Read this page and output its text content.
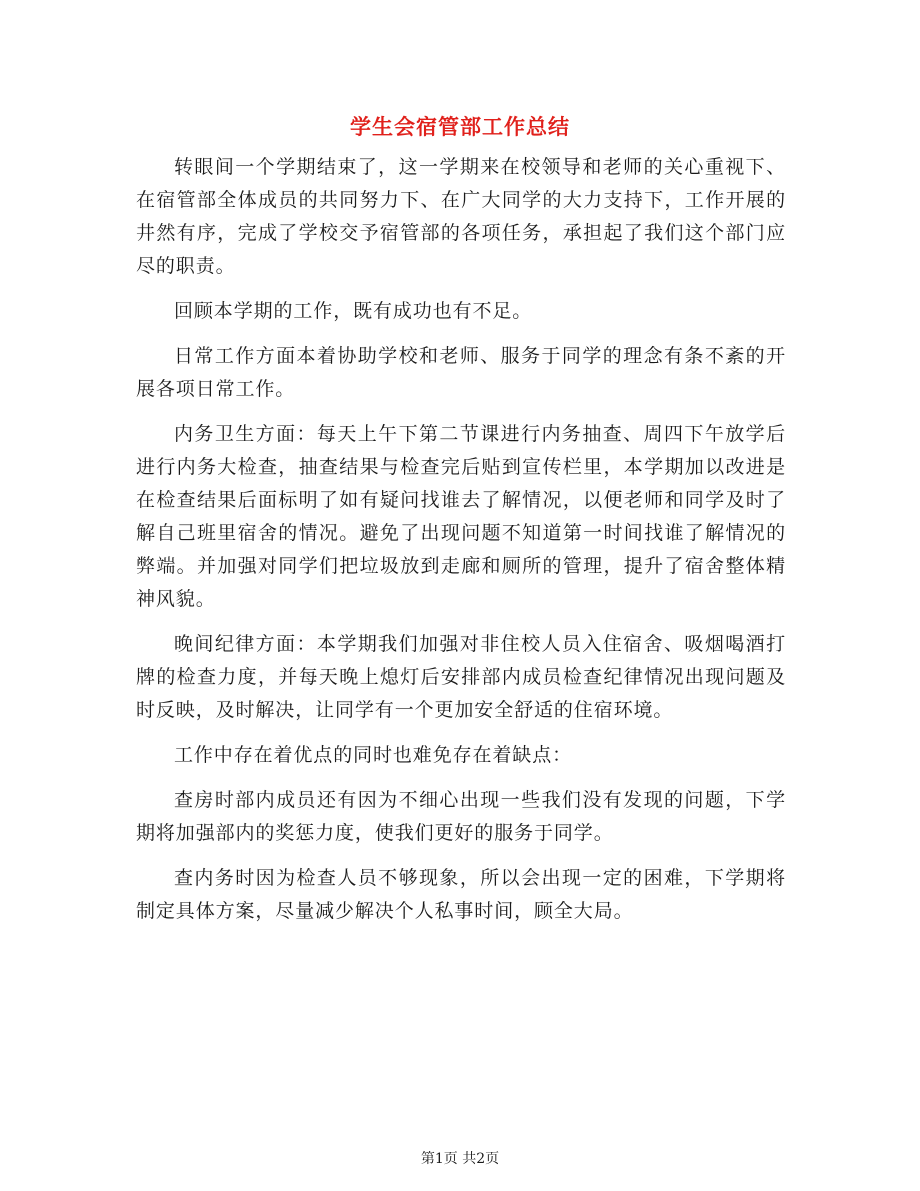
学生会宿管部工作总结

转眼间一个学期结束了，这一学期来在校领导和老师的关心重视下、在宿管部全体成员的共同努力下、在广大同学的大力支持下，工作开展的井然有序，完成了学校交予宿管部的各项任务，承担起了我们这个部门应尽的职责。

回顾本学期的工作，既有成功也有不足。

日常工作方面本着协助学校和老师、服务于同学的理念有条不紊的开展各项日常工作。

内务卫生方面：每天上午下第二节课进行内务抽查、周四下午放学后进行内务大检查，抽查结果与检查完后贴到宣传栏里，本学期加以改进是在检查结果后面标明了如有疑问找谁去了解情况，以便老师和同学及时了解自己班里宿舍的情况。避免了出现问题不知道第一时间找谁了解情况的弊端。并加强对同学们把垃圾放到走廊和厕所的管理，提升了宿舍整体精神风貌。

晚间纪律方面：本学期我们加强对非住校人员入住宿舍、吸烟喝酒打牌的检查力度，并每天晚上熄灯后安排部内成员检查纪律情况出现问题及时反映，及时解决，让同学有一个更加安全舒适的住宿环境。

工作中存在着优点的同时也难免存在着缺点：

查房时部内成员还有因为不细心出现一些我们没有发现的问题，下学期将加强部内的奖惩力度，使我们更好的服务于同学。

查内务时因为检查人员不够现象，所以会出现一定的困难，下学期将制定具体方案，尽量减少解决个人私事时间，顾全大局。

第1页 共2页
